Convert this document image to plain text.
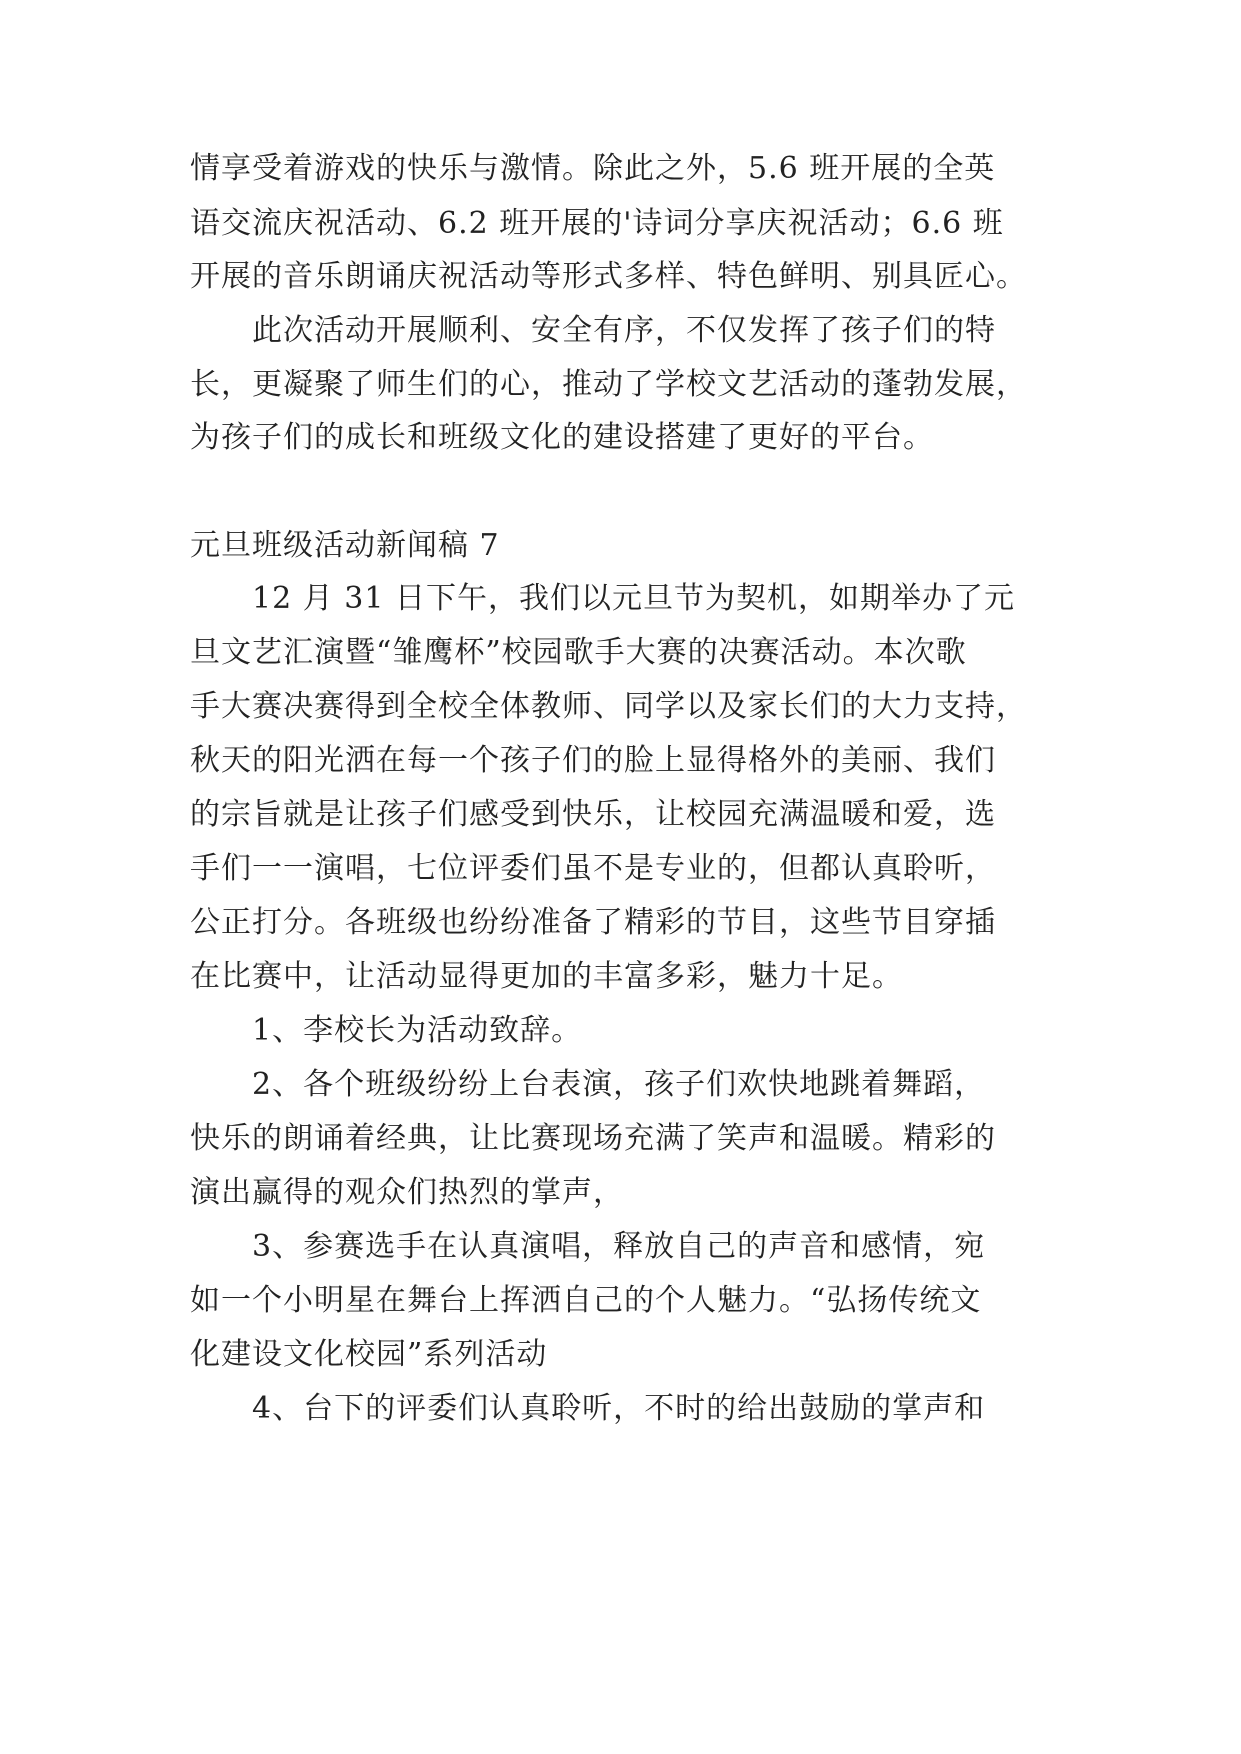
情享受着游戏的快乐与激情。除此之外，5.6 班开展的全英
语交流庆祝活动、6.2 班开展的'诗词分享庆祝活动；6.6 班
开展的音乐朗诵庆祝活动等形式多样、特色鲜明、别具匠心。
此次活动开展顺利、安全有序，不仅发挥了孩子们的特
长，更凝聚了师生们的心，推动了学校文艺活动的蓬勃发展，
为孩子们的成长和班级文化的建设搭建了更好的平台。
元旦班级活动新闻稿 7
12 月 31 日下午，我们以元旦节为契机，如期举办了元
旦文艺汇演暨“雏鹰杯”校园歌手大赛的决赛活动。本次歌
手大赛决赛得到全校全体教师、同学以及家长们的大力支持，
秋天的阳光洒在每一个孩子们的脸上显得格外的美丽、我们
的宗旨就是让孩子们感受到快乐，让校园充满温暖和爱，选
手们一一演唱，七位评委们虽不是专业的，但都认真聆听，
公正打分。各班级也纷纷准备了精彩的节目，这些节目穿插
在比赛中，让活动显得更加的丰富多彩，魅力十足。
1、李校长为活动致辞。
2、各个班级纷纷上台表演，孩子们欢快地跳着舞蹈，
快乐的朗诵着经典，让比赛现场充满了笑声和温暖。精彩的
演出赢得的观众们热烈的掌声，
3、参赛选手在认真演唱，释放自己的声音和感情，宛
如一个小明星在舞台上挥洒自己的个人魅力。“弘扬传统文
化建设文化校园”系列活动
4、台下的评委们认真聆听，不时的给出鼓励的掌声和
